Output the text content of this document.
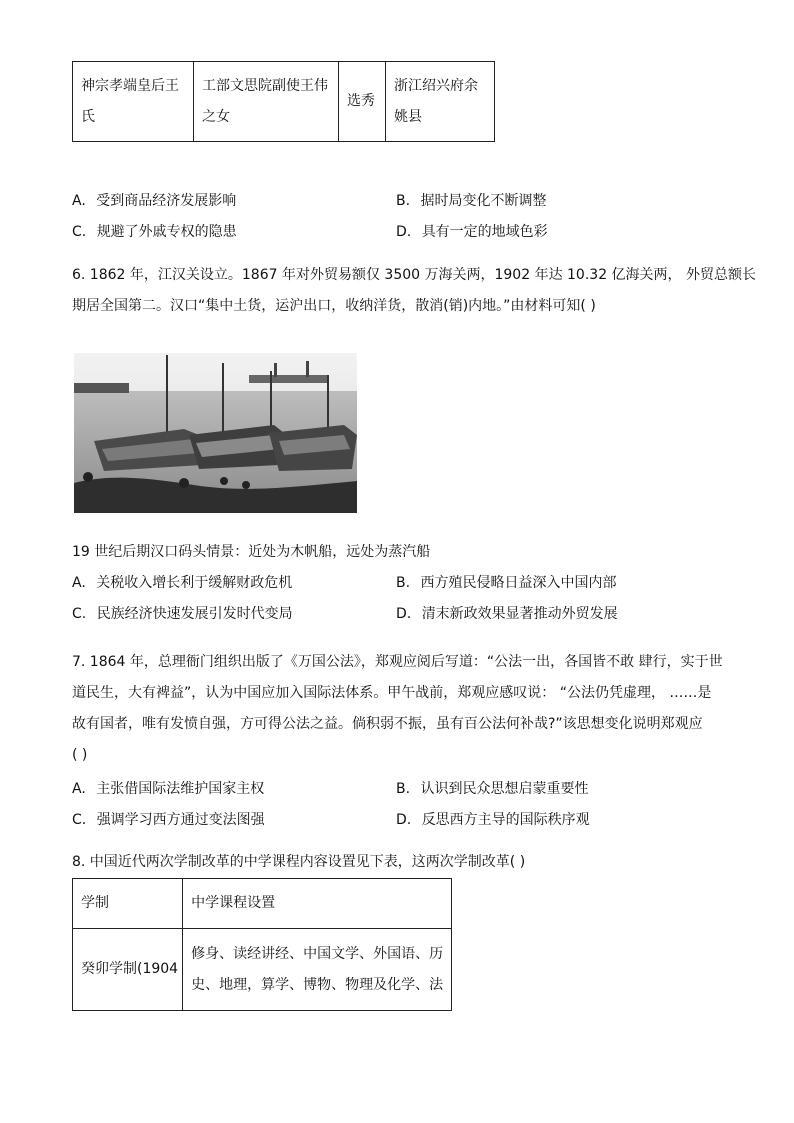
神宗孝端皇后王氏	工部文思院副使王伟之女	选秀	浙江绍兴府余姚县
A. 受到商品经济发展影响	B. 据时局变化不断调整
C. 规避了外戚专权的隐患	D. 具有一定的地域色彩
6. 1862 年，江汉关设立。1867 年对外贸易额仅 3500 万海关两，1902 年达 10.32 亿海关两， 外贸总额长
期居全国第二。汉口“集中土货，运沪出口，收纳洋货，散消(销)内地。”由材料可知( )
19 世纪后期汉口码头情景：近处为木帆船，远处为蒸汽船
A. 关税收入增长利于缓解财政危机	B. 西方殖民侵略日益深入中国内部
C. 民族经济快速发展引发时代变局	D. 清末新政效果显著推动外贸发展
7. 1864 年，总理衙门组织出版了《万国公法》，郑观应阅后写道：“公法一出，各国皆不敢 肆行，实于世
道民生，大有裨益”，认为中国应加入国际法体系。甲午战前，郑观应感叹说： “公法仍凭虚理， ……是
故有国者，唯有发愤自强，方可得公法之益。倘积弱不振，虽有百公法何补哉?”该思想变化说明郑观应
( )
A. 主张借国际法维护国家主权	B. 认识到民众思想启蒙重要性
C. 强调学习西方通过变法图强	D. 反思西方主导的国际秩序观
8. 中国近代两次学制改革的中学课程内容设置见下表，这两次学制改革( )
学制	中学课程设置
癸卯学制(1904	修身、读经讲经、中国文学、外国语、历
史、地理，算学、博物、物理及化学、法
